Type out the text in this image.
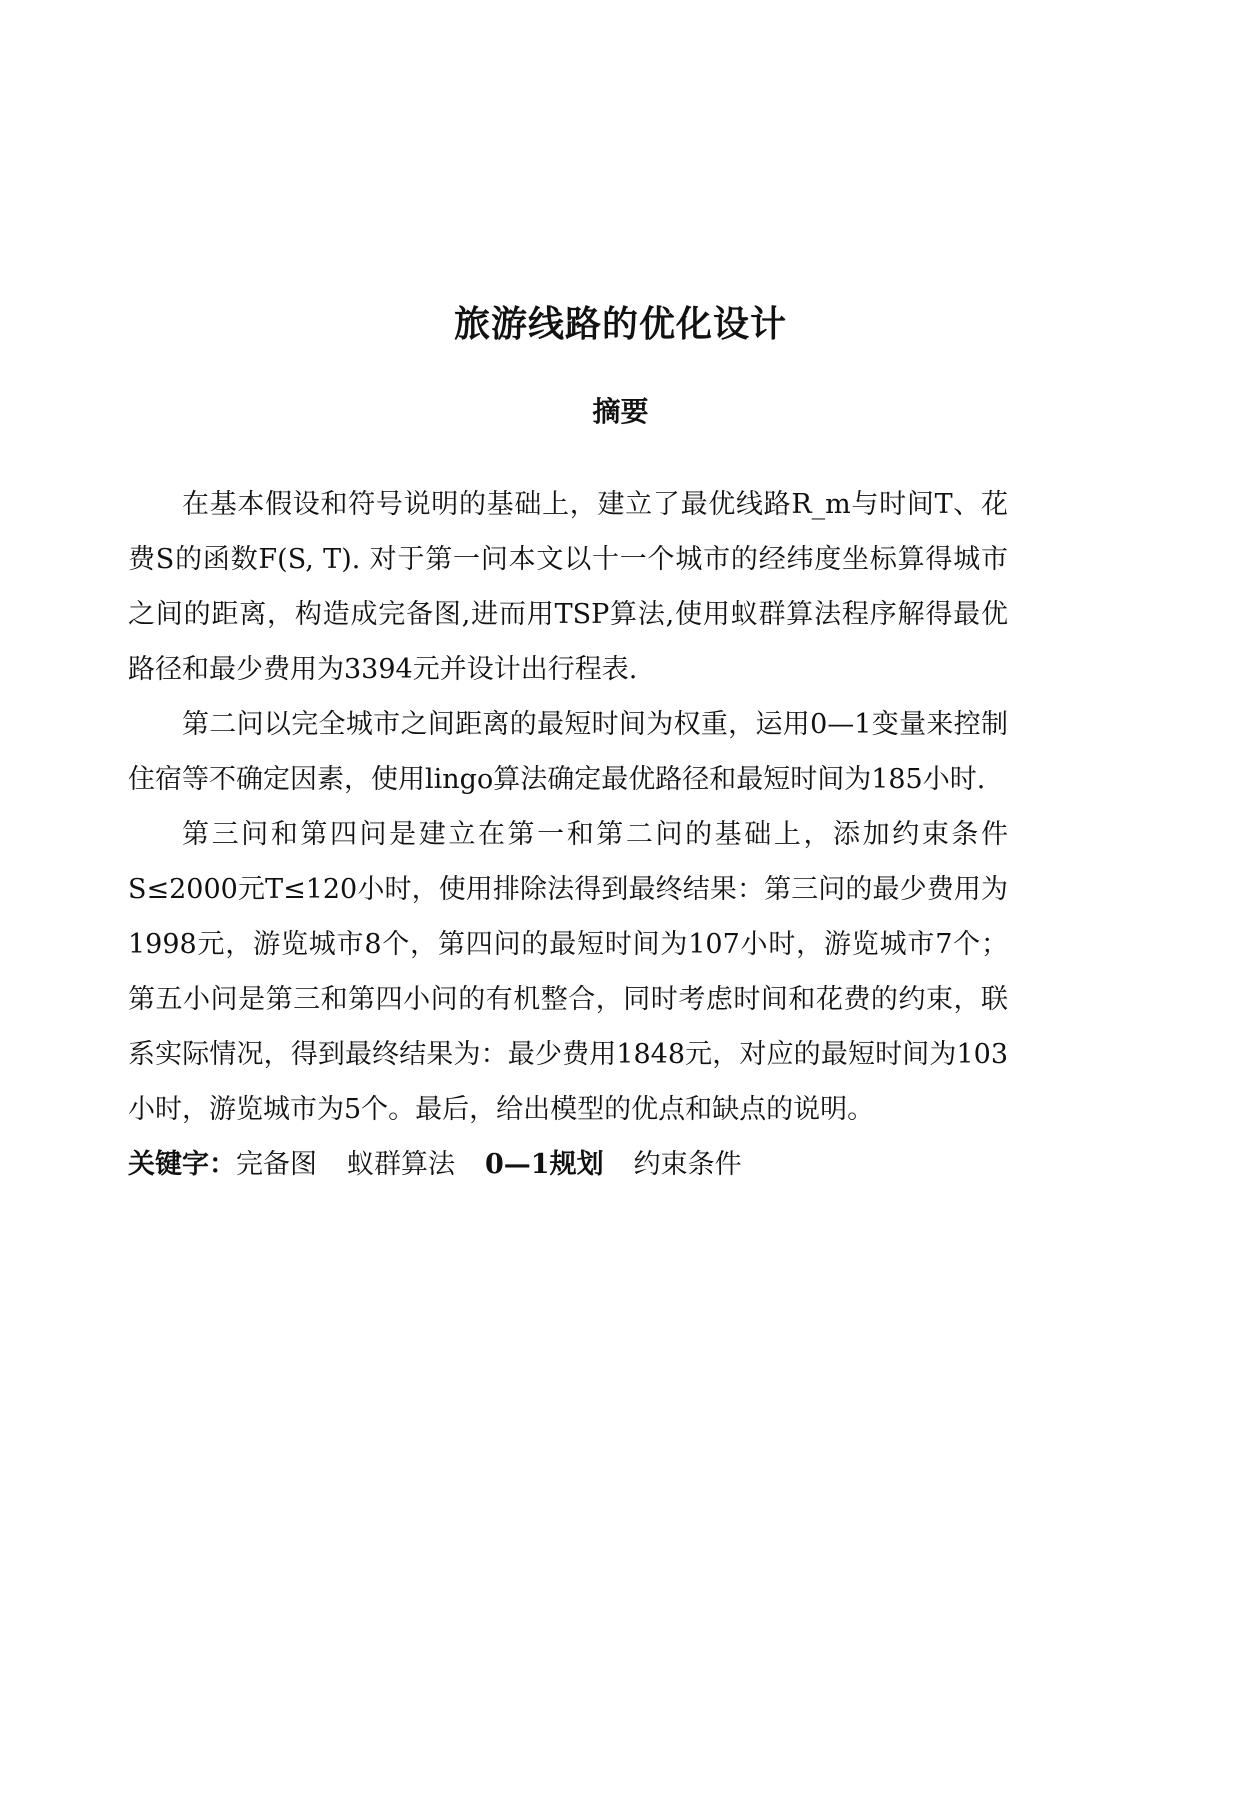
旅游线路的优化设计
摘要

在基本假设和符号说明的基础上，建立了最优线路R_m与时间T、花费S的函数F(S, T). 对于第一问本文以十一个城市的经纬度坐标算得城市之间的距离，构造成完备图,进而用TSP算法,使用蚁群算法程序解得最优路径和最少费用为3394元并设计出行程表.

第二问以完全城市之间距离的最短时间为权重，运用0—1变量来控制住宿等不确定因素，使用lingo算法确定最优路径和最短时间为185小时.

第三问和第四问是建立在第一和第二问的基础上，添加约束条件S≤2000元T≤120小时，使用排除法得到最终结果：第三问的最少费用为1998元，游览城市8个，第四问的最短时间为107小时，游览城市7个；第五小问是第三和第四小问的有机整合，同时考虑时间和花费的约束，联系实际情况，得到最终结果为：最少费用1848元，对应的最短时间为103小时，游览城市为5个。最后，给出模型的优点和缺点的说明。

关键字： 完备图 蚁群算法 0—1规划 约束条件
